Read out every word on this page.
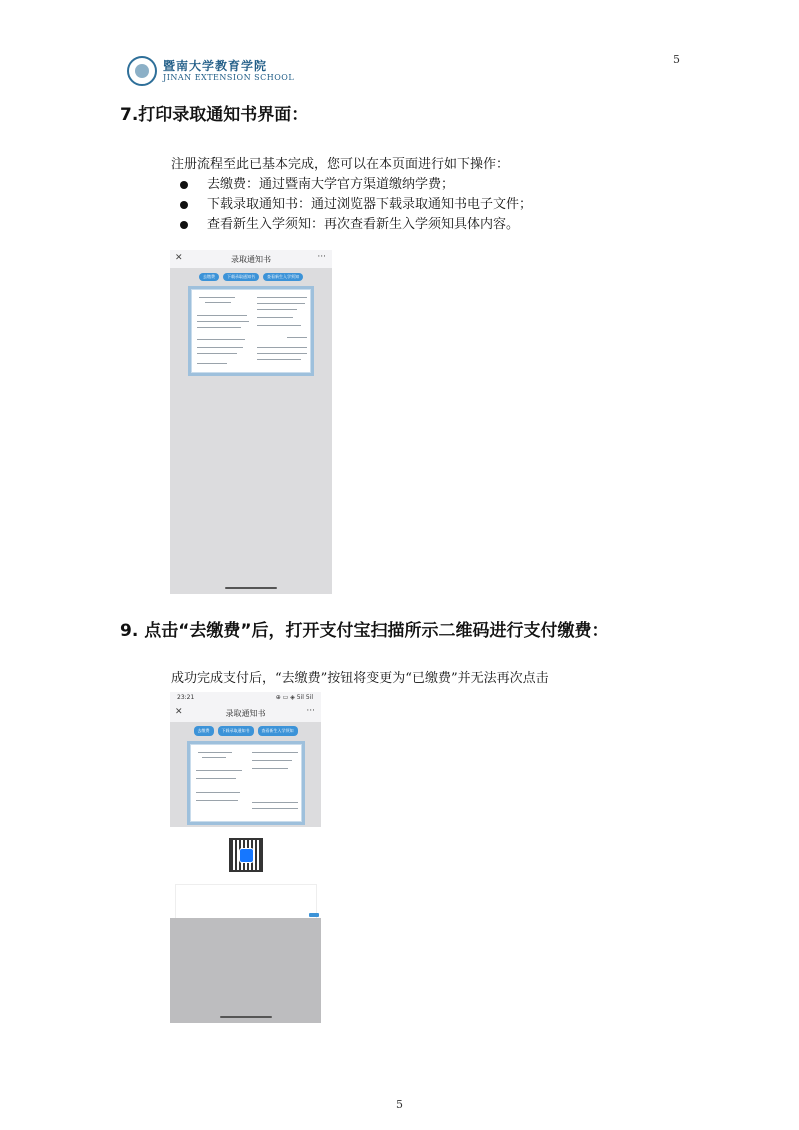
暨南大学教育学院
JINAN EXTENSION SCHOOL
5
7.打印录取通知书界面：
注册流程至此已基本完成，您可以在本页面进行如下操作：
去缴费：通过暨南大学官方渠道缴纳学费；
下载录取通知书：通过浏览器下载录取通知书电子文件；
查看新生入学须知：再次查看新生入学须知具体内容。
✕	录取通知书	···
去缴费	下载录取通知书	查看新生入学须知
9. 点击“去缴费”后，打开支付宝扫描所示二维码进行支付缴费：
成功完成支付后，“去缴费”按钮将变更为“已缴费”并无法再次点击
23:21	⊕ ▭ ◈ 5il 5il
✕	录取通知书	···
去缴费	下载录取通知书	查看新生入学须知
5
